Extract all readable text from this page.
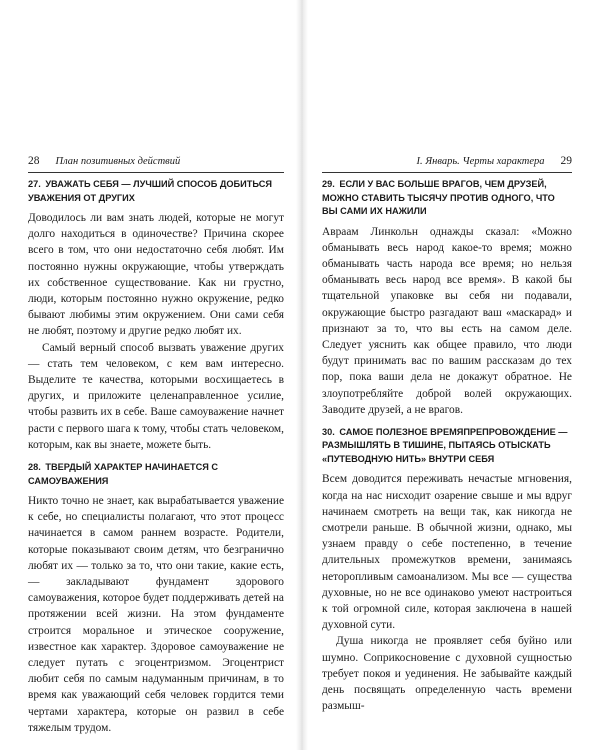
28 План позитивных действий
27. УВАЖАТЬ СЕБЯ — ЛУЧШИЙ СПОСОБ ДОБИТЬСЯ УВАЖЕНИЯ ОТ ДРУГИХ

Доводилось ли вам знать людей, которые не могут долго находиться в одиночестве? Причина скорее всего в том, что они недостаточно себя любят. Им постоянно нужны окружающие, чтобы утверждать их собственное существование. Как ни грустно, люди, которым постоянно нужно окружение, редко бывают любимы этим окружением. Они сами себя не любят, поэтому и другие редко любят их.

Самый верный способ вызвать уважение других — стать тем человеком, с кем вам интересно. Выделите те качества, которыми восхищаетесь в других, и приложите целенаправленное усилие, чтобы развить их в себе. Ваше самоуважение начнет расти с первого шага к тому, чтобы стать человеком, которым, как вы знаете, можете быть.

28. ТВЕРДЫЙ ХАРАКТЕР НАЧИНАЕТСЯ С САМОУВАЖЕНИЯ

Никто точно не знает, как вырабатывается уважение к себе, но специалисты полагают, что этот процесс начинается в самом раннем возрасте. Родители, которые показывают своим детям, что безгранично любят их — только за то, что они такие, какие есть, — закладывают фундамент здорового самоуважения, которое будет поддерживать детей на протяжении всей жизни. На этом фундаменте строится моральное и этическое сооружение, известное как характер. Здоровое самоуважение не следует путать с эгоцентризмом. Эгоцентрист любит себя по самым надуманным причинам, в то время как уважающий себя человек гордится теми чертами характера, которые он развил в себе тяжелым трудом.

I. Январь. Черты характера 29
29. ЕСЛИ У ВАС БОЛЬШЕ ВРАГОВ, ЧЕМ ДРУЗЕЙ, МОЖНО СТАВИТЬ ТЫСЯЧУ ПРОТИВ ОДНОГО, ЧТО ВЫ САМИ ИХ НАЖИЛИ

Авраам Линкольн однажды сказал: «Можно обманывать весь народ какое-то время; можно обманывать часть народа все время; но нельзя обманывать весь народ все время». В какой бы тщательной упаковке вы себя ни подавали, окружающие быстро разгадают ваш «маскарад» и признают за то, что вы есть на самом деле. Следует уяснить как общее правило, что люди будут принимать вас по вашим рассказам до тех пор, пока ваши дела не докажут обратное. Не злоупотребляйте доброй волей окружающих. Заводите друзей, а не врагов.

30. САМОЕ ПОЛЕЗНОЕ ВРЕМЯПРЕПРОВОЖДЕНИЕ — РАЗМЫШЛЯТЬ В ТИШИНЕ, ПЫТАЯСЬ ОТЫСКАТЬ «ПУТЕВОДНУЮ НИТЬ» ВНУТРИ СЕБЯ

Всем доводится переживать нечастые мгновения, когда на нас нисходит озарение свыше и мы вдруг начинаем смотреть на вещи так, как никогда не смотрели раньше. В обычной жизни, однако, мы узнаем правду о себе постепенно, в течение длительных промежутков времени, занимаясь неторопливым самоанализом. Мы все — существа духовные, но не все одинаково умеют настроиться к той огромной силе, которая заключена в нашей духовной сути.

Душа никогда не проявляет себя буйно или шумно. Соприкосновение с духовной сущностью требует покоя и уединения. Не забывайте каждый день посвящать определенную часть времени размыш-
